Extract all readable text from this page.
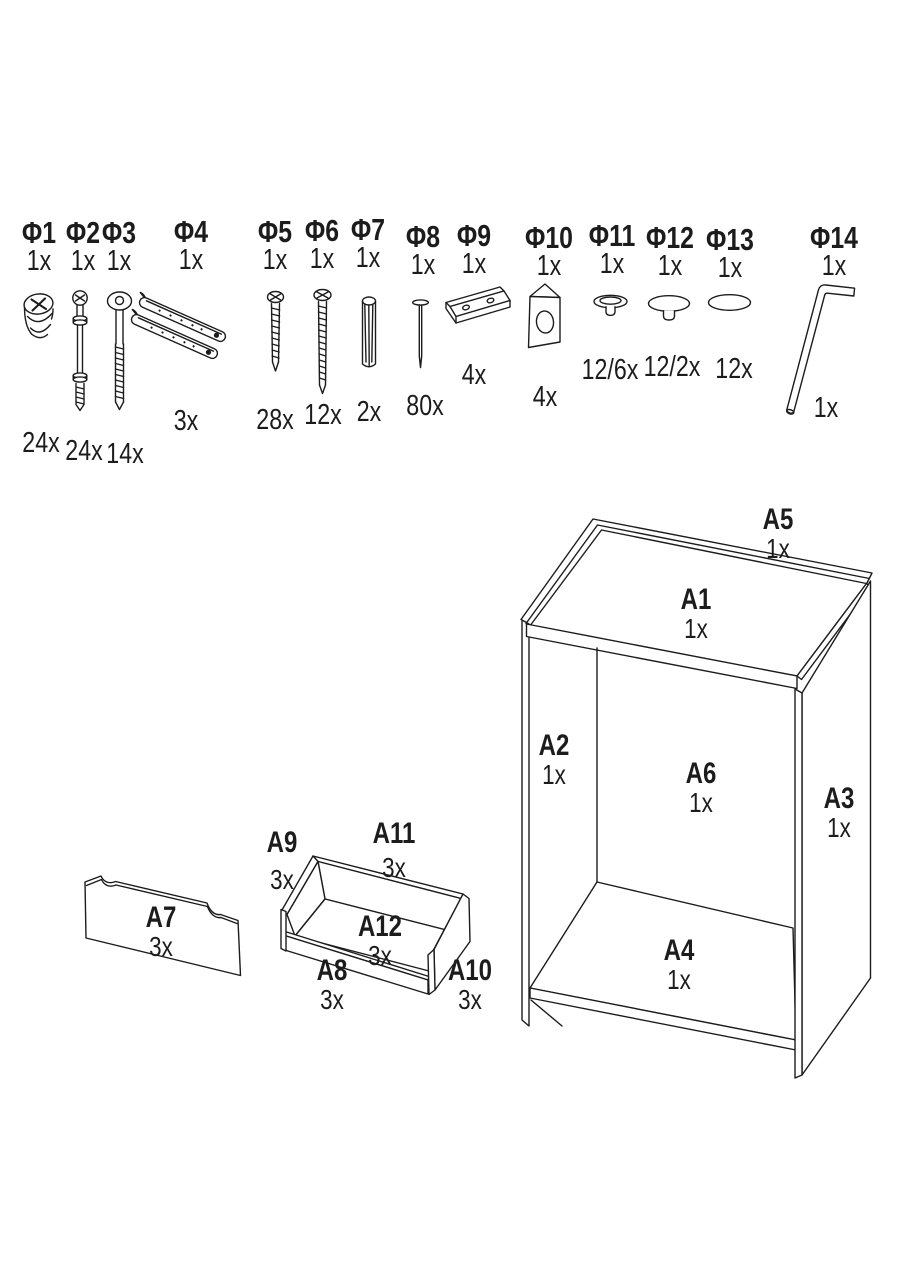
Φ1
1x
Φ2
1x
Φ3
1x
Φ4
1x
Φ5
1x
Φ6
1x
Φ7
1x
Φ8
1x
Φ9
1x
Φ10
1x
Φ11
1x
Φ12
1x
Φ13
1x
Φ14
1x
24x 24x 14x
3x	28x 12x 2x 80x
4x
4x
12/6x 12/2x 12x
1x
A5
1x
A1
1x
A2
1x	A6
1x	A3
1x
A4
1x
A7
3x
A9
3x
A11
3x
A12
3x
A8
3x
A10
3x
